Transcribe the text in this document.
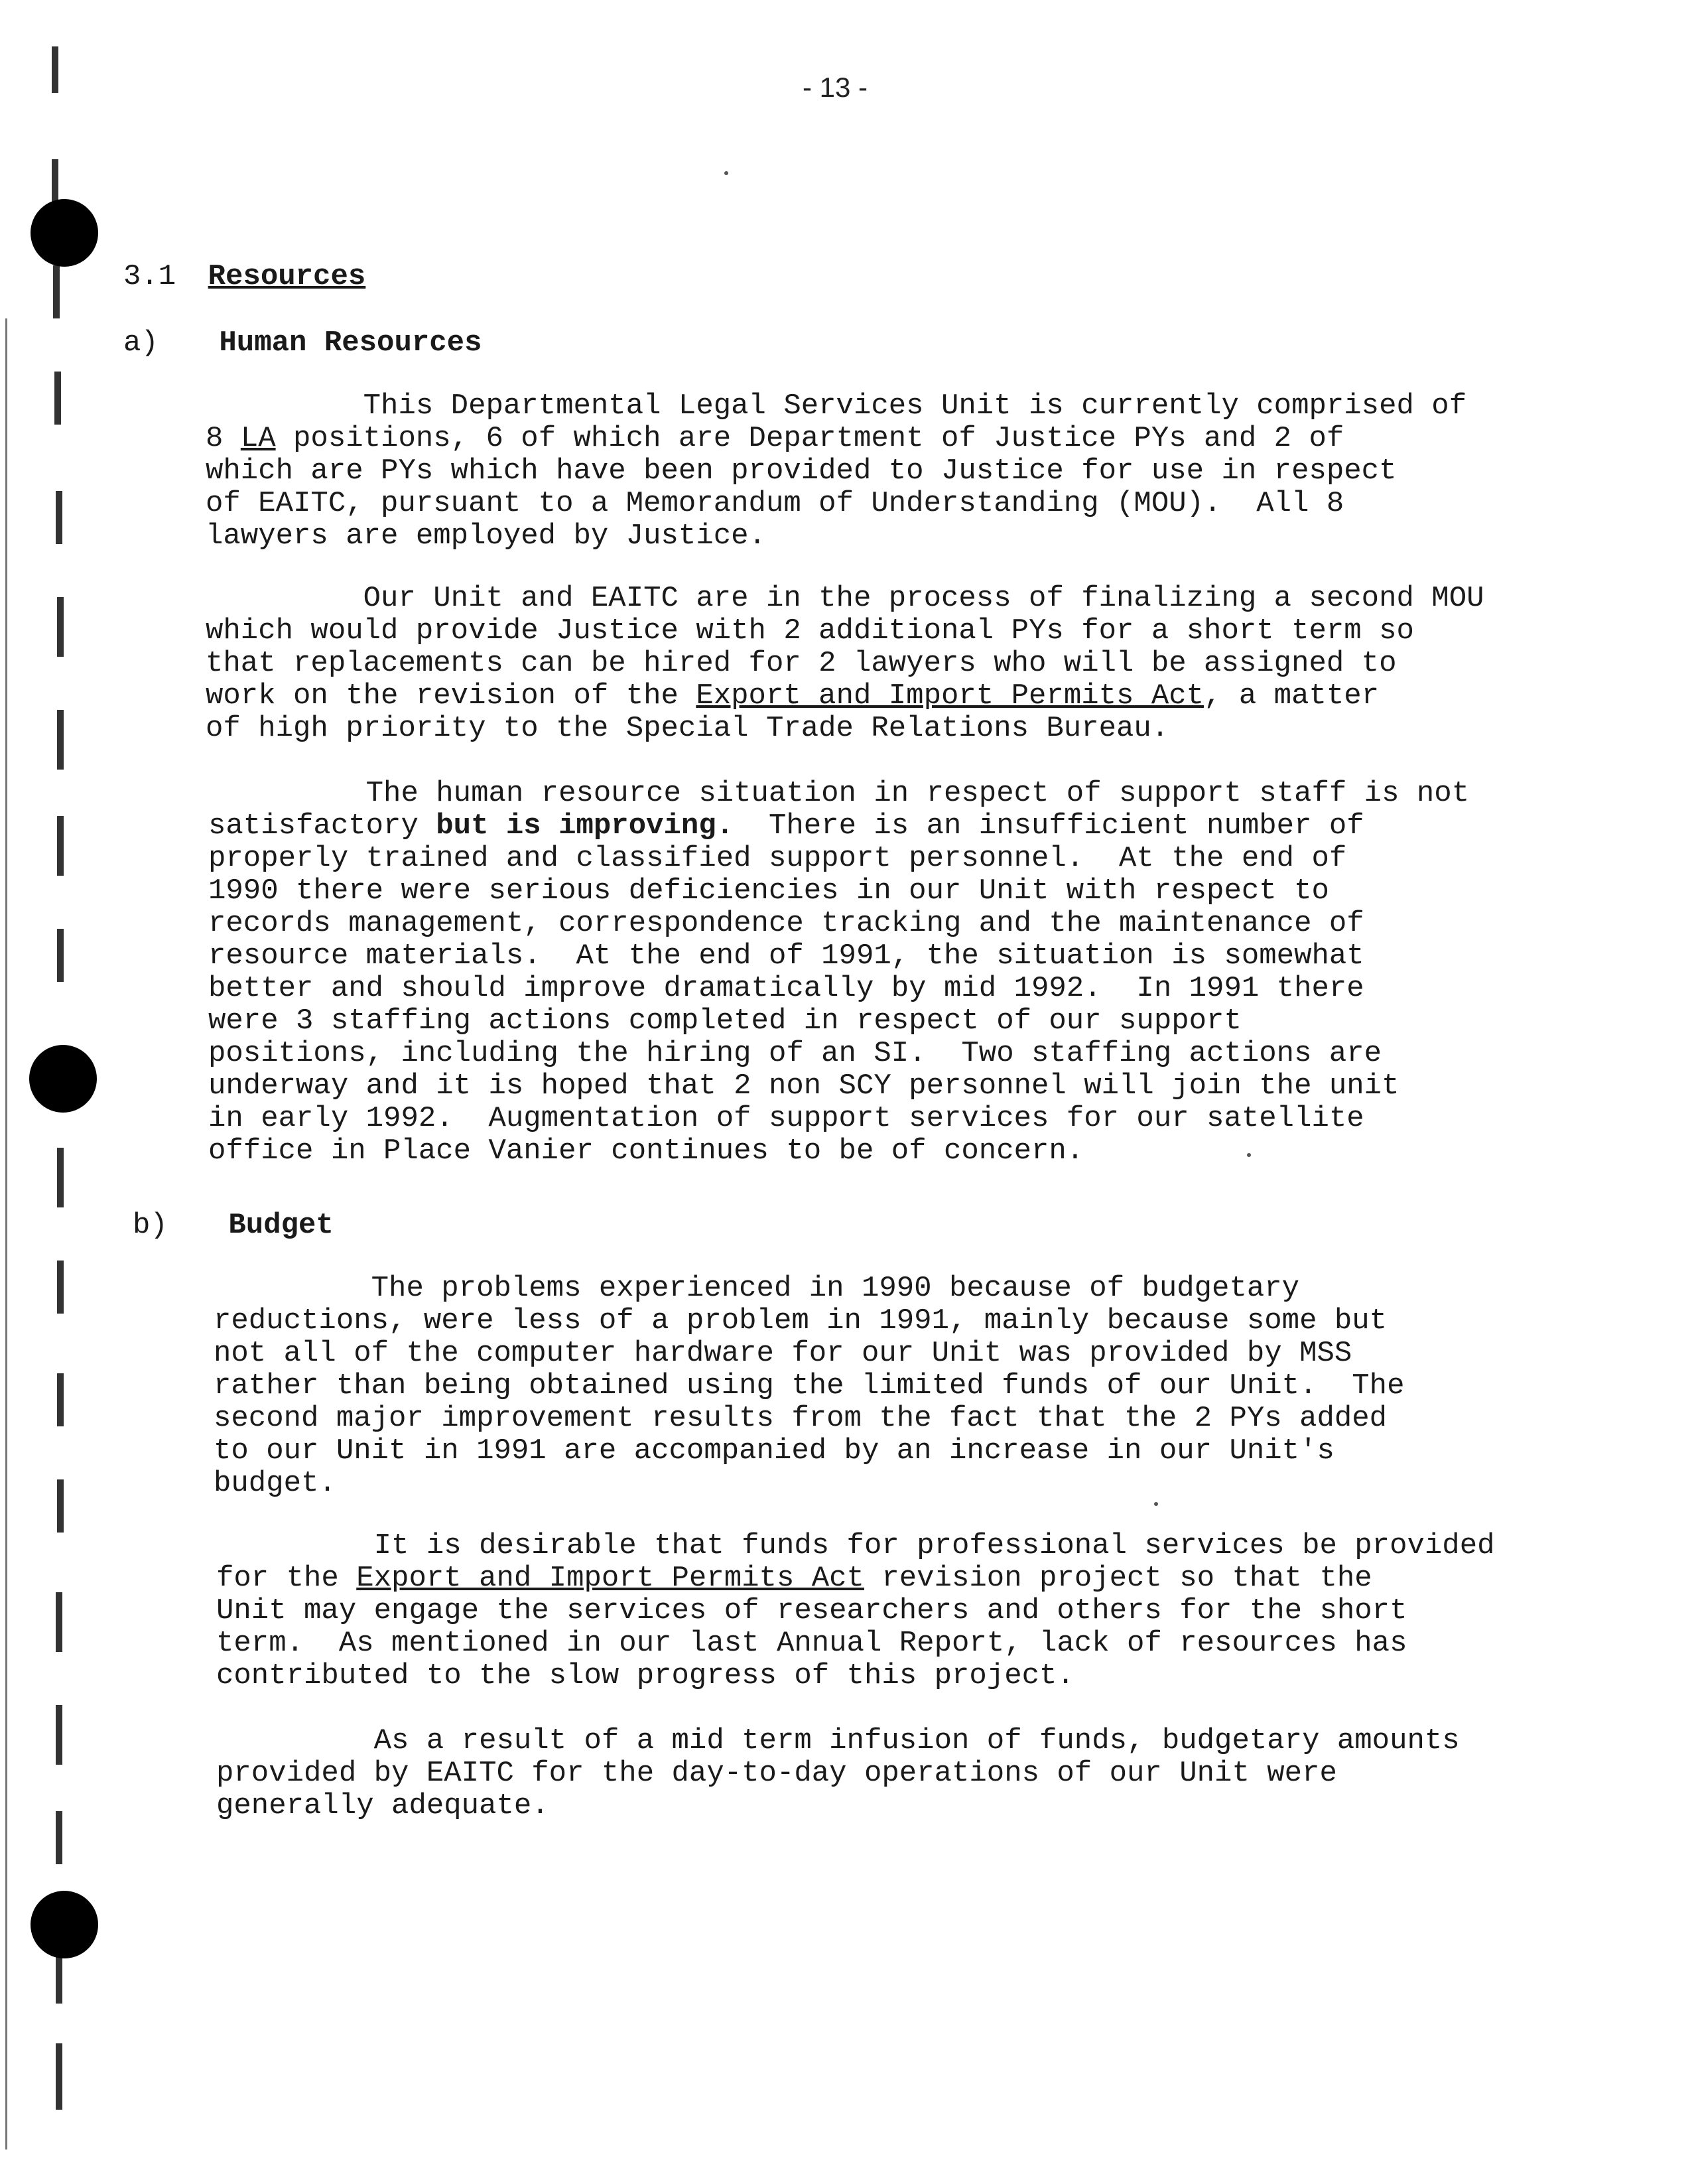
- 13 -
3.1 Resources
a) Human Resources
This Departmental Legal Services Unit is currently comprised of
8 LA positions, 6 of which are Department of Justice PYs and 2 of
which are PYs which have been provided to Justice for use in respect
of EAITC, pursuant to a Memorandum of Understanding (MOU).  All 8
lawyers are employed by Justice.
Our Unit and EAITC are in the process of finalizing a second MOU
which would provide Justice with 2 additional PYs for a short term so
that replacements can be hired for 2 lawyers who will be assigned to
work on the revision of the Export and Import Permits Act, a matter
of high priority to the Special Trade Relations Bureau.
The human resource situation in respect of support staff is not
satisfactory but is improving.  There is an insufficient number of
properly trained and classified support personnel.  At the end of
1990 there were serious deficiencies in our Unit with respect to
records management, correspondence tracking and the maintenance of
resource materials.  At the end of 1991, the situation is somewhat
better and should improve dramatically by mid 1992.  In 1991 there
were 3 staffing actions completed in respect of our support
positions, including the hiring of an SI.  Two staffing actions are
underway and it is hoped that 2 non SCY personnel will join the unit
in early 1992.  Augmentation of support services for our satellite
office in Place Vanier continues to be of concern.
b) Budget
The problems experienced in 1990 because of budgetary
reductions, were less of a problem in 1991, mainly because some but
not all of the computer hardware for our Unit was provided by MSS
rather than being obtained using the limited funds of our Unit.  The
second major improvement results from the fact that the 2 PYs added
to our Unit in 1991 are accompanied by an increase in our Unit's
budget.
It is desirable that funds for professional services be provided
for the Export and Import Permits Act revision project so that the
Unit may engage the services of researchers and others for the short
term.  As mentioned in our last Annual Report, lack of resources has
contributed to the slow progress of this project.
As a result of a mid term infusion of funds, budgetary amounts
provided by EAITC for the day-to-day operations of our Unit were
generally adequate.
